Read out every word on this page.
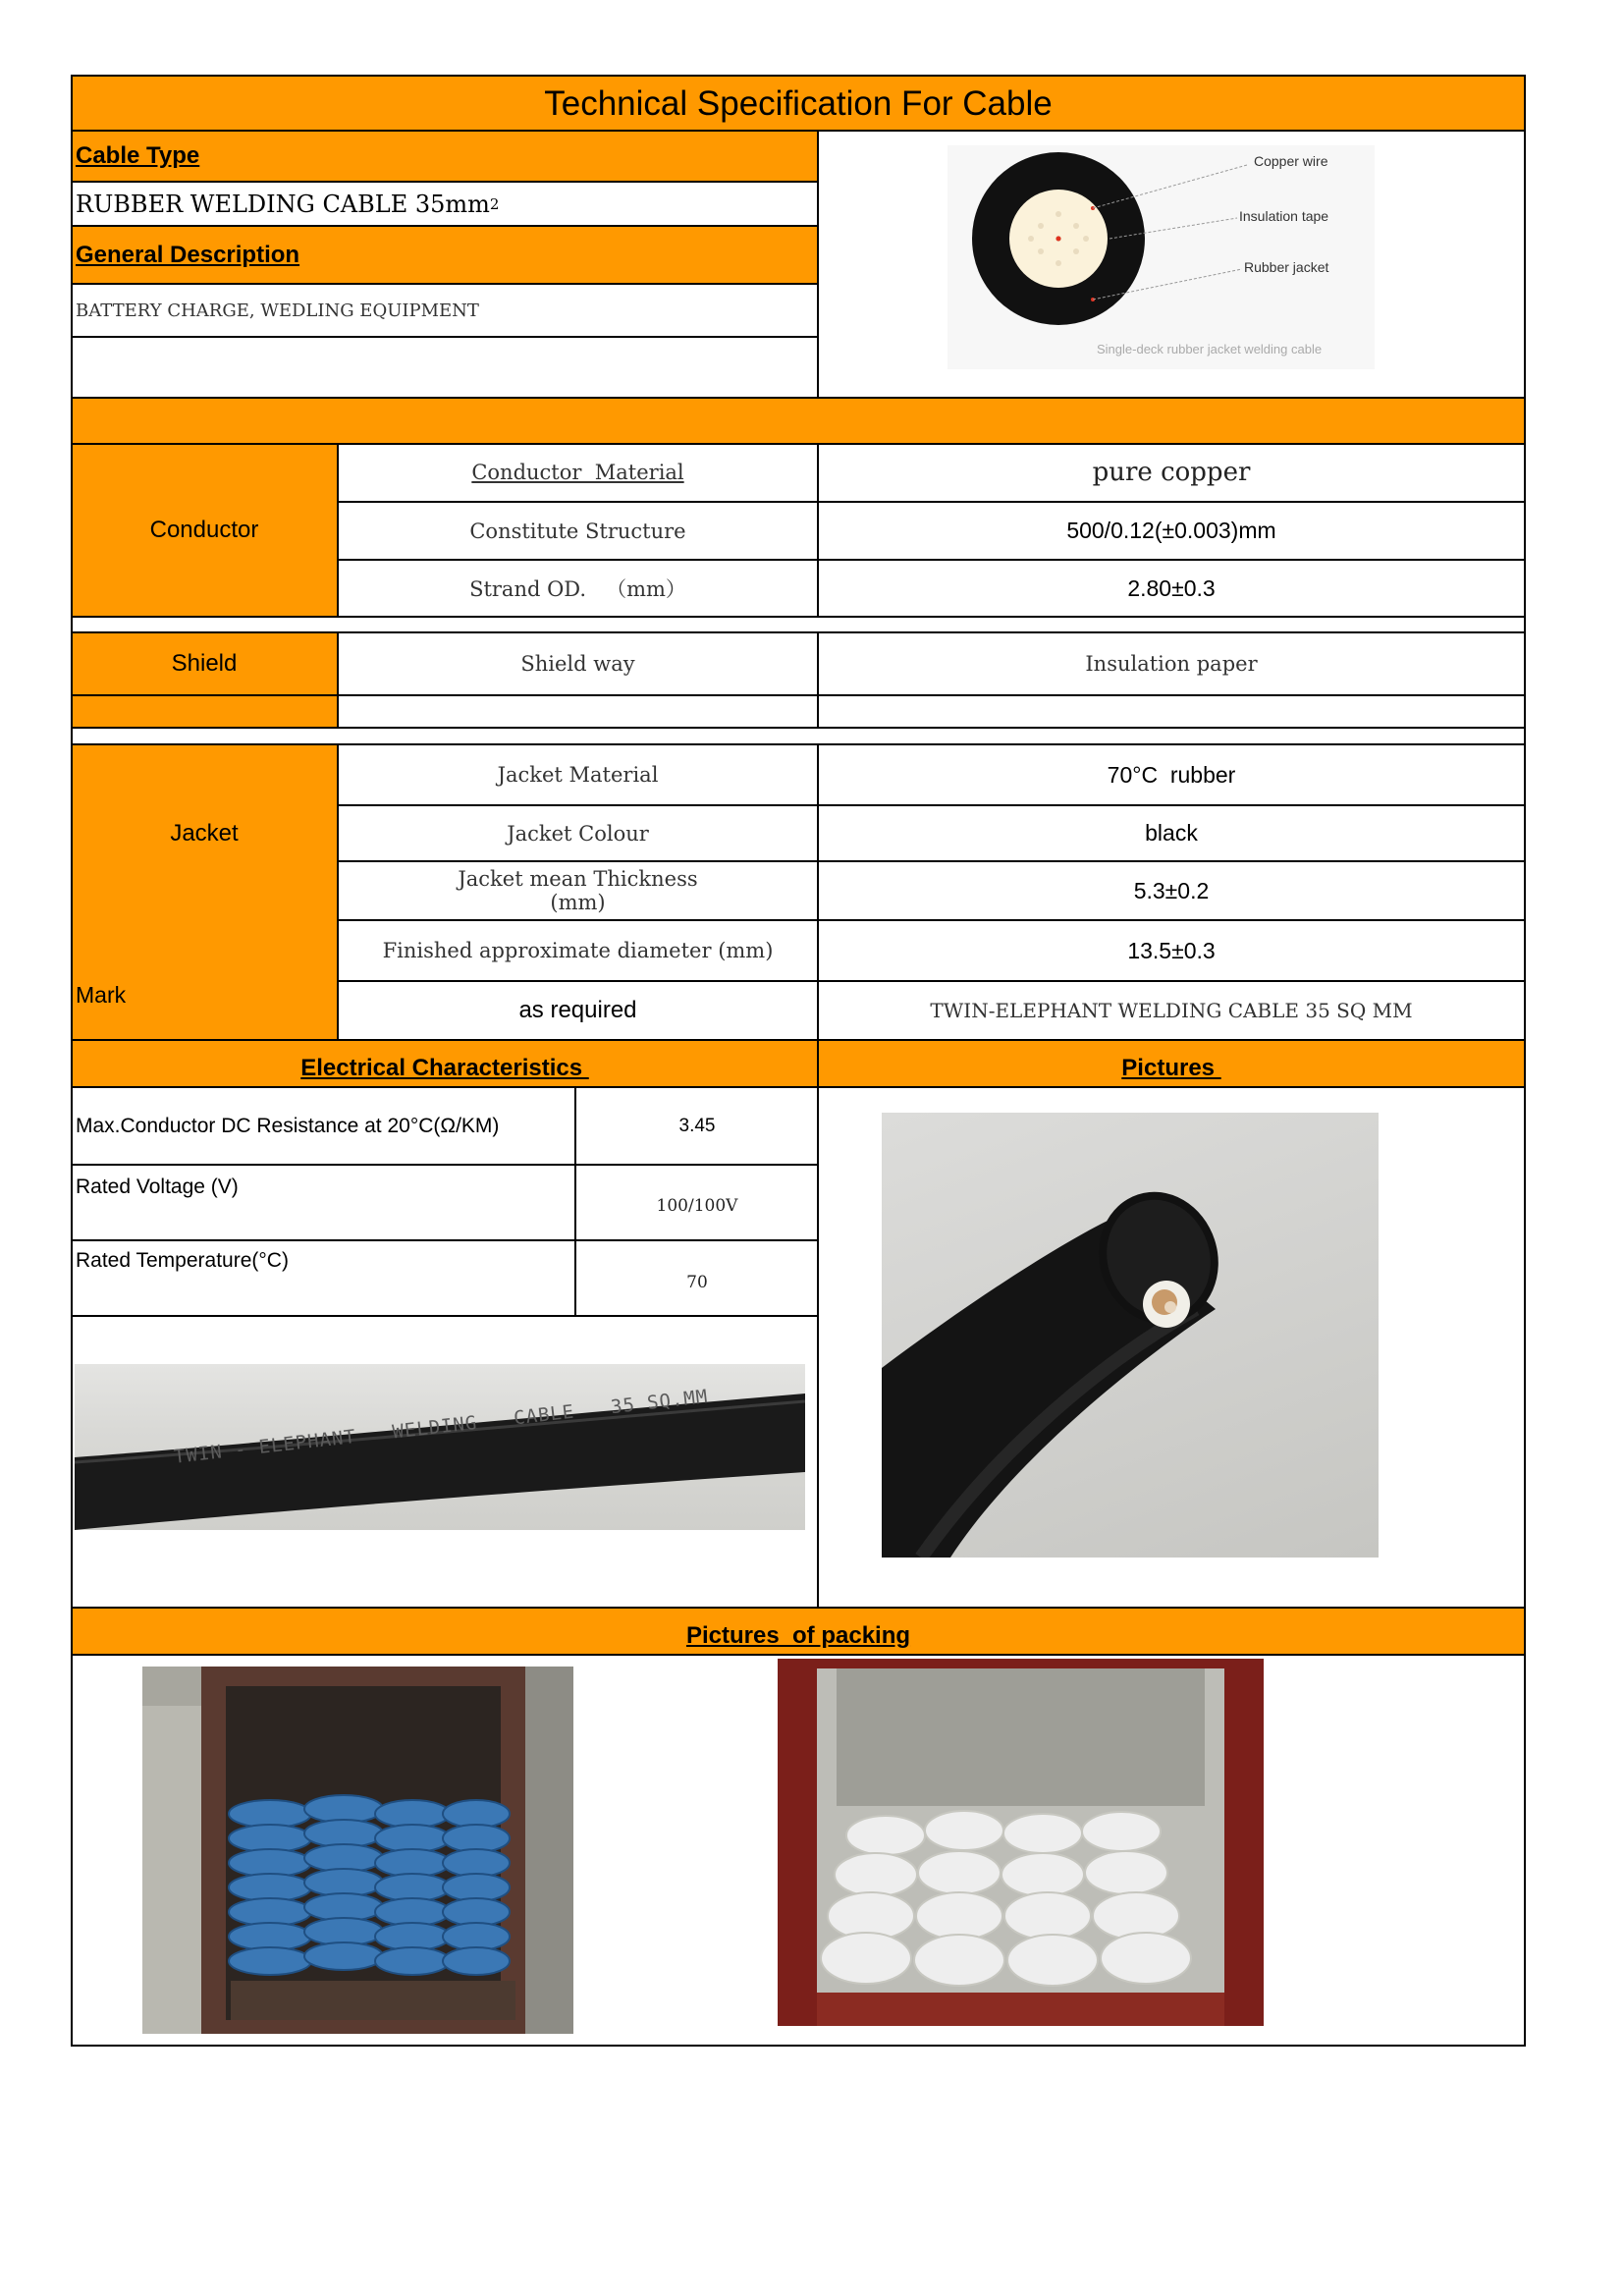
Technical Specification For Cable
Cable Type
RUBBER WELDING CABLE 35mm 2
General Description
BATTERY CHARGE, WEDLING EQUIPMENT
Copper wire
Insulation tape
Rubber jacket
Single-deck rubber jacket welding cable
Conductor
Conductor  Material	pure copper
Constitute Structure	500/0.12(±0.003)mm
Strand OD.   （mm）	2.80±0.3
Shield	Shield way	Insulation paper
Jacket
Jacket Material	70°C  rubber
Jacket Colour	black
Jacket mean Thickness
(mm)	5.3±0.2
Finished approximate diameter (mm)	13.5±0.3
Mark
as required	TWIN-ELEPHANT WELDING CABLE 35 SQ MM
Electrical Characteristics	Pictures
Max.Conductor DC Resistance at 20°C(Ω/KM)	3.45
Rated Voltage (V)
100/100V
Rated Temperature(°C)
70
TWIN - ELEPHANT   WELDING   CABLE   35 SQ.MM
Pictures  of packing
